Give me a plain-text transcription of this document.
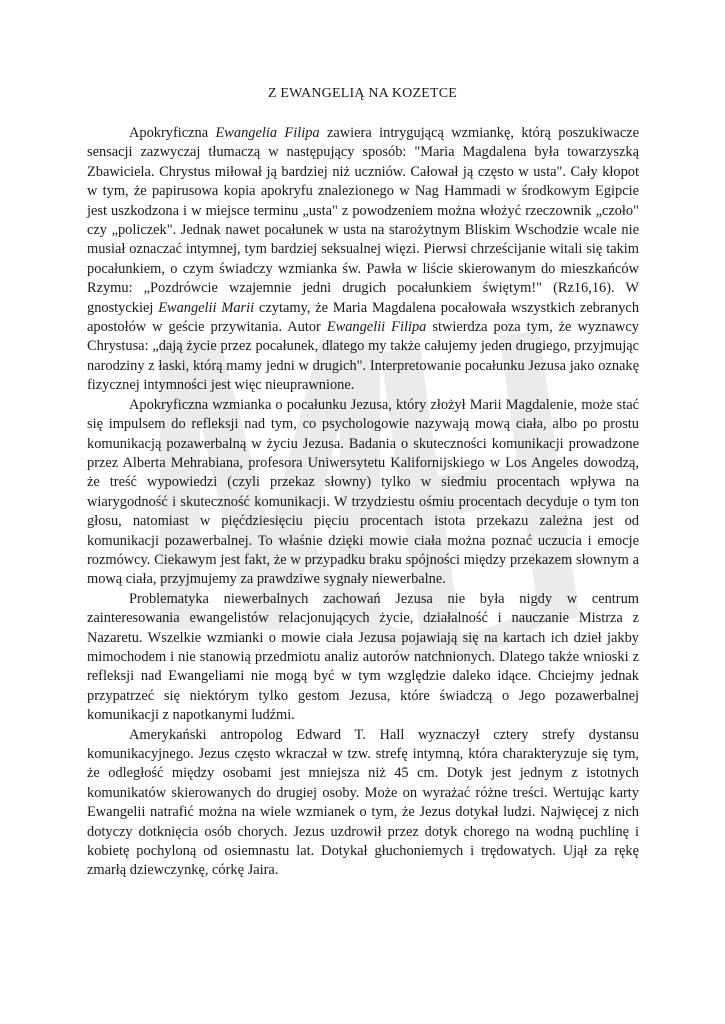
Z EWANGELIĄ NA KOZETCE

Apokryficzna Ewangelia Filipa zawiera intrygującą wzmiankę, którą poszukiwacze sensacji zazwyczaj tłumaczą w następujący sposób: "Maria Magdalena była towarzyszką Zbawiciela. Chrystus miłował ją bardziej niż uczniów. Całował ją często w usta". Cały kłopot w tym, że papirusowa kopia apokryfu znalezionego w Nag Hammadi w środkowym Egipcie jest uszkodzona i w miejsce terminu „usta" z powodzeniem można włożyć rzeczownik „czoło" czy „policzek". Jednak nawet pocałunek w usta na starożytnym Bliskim Wschodzie wcale nie musiał oznaczać intymnej, tym bardziej seksualnej więzi. Pierwsi chrześcijanie witali się takim pocałunkiem, o czym świadczy wzmianka św. Pawła w liście skierowanym do mieszkańców Rzymu: „Pozdrówcie wzajemnie jedni drugich pocałunkiem świętym!" (Rz16,16). W gnostyckiej Ewangelii Marii czytamy, że Maria Magdalena pocałowała wszystkich zebranych apostołów w geście przywitania. Autor Ewangelii Filipa stwierdza poza tym, że wyznawcy Chrystusa: „dają życie przez pocałunek, dlatego my także całujemy jeden drugiego, przyjmując narodziny z łaski, którą mamy jedni w drugich". Interpretowanie pocałunku Jezusa jako oznakę fizycznej intymności jest więc nieuprawnione.

Apokryficzna wzmianka o pocałunku Jezusa, który złożył Marii Magdalenie, może stać się impulsem do refleksji nad tym, co psychologowie nazywają mową ciała, albo po prostu komunikacją pozawerbalną w życiu Jezusa. Badania o skuteczności komunikacji prowadzone przez Alberta Mehrabiana, profesora Uniwersytetu Kalifornijskiego w Los Angeles dowodzą, że treść wypowiedzi (czyli przekaz słowny) tylko w siedmiu procentach wpływa na wiarygodność i skuteczność komunikacji. W trzydziestu ośmiu procentach decyduje o tym ton głosu, natomiast w pięćdziesięciu pięciu procentach istota przekazu zależna jest od komunikacji pozawerbalnej. To właśnie dzięki mowie ciała można poznać uczucia i emocje rozmówcy. Ciekawym jest fakt, że w przypadku braku spójności między przekazem słownym a mową ciała, przyjmujemy za prawdziwe sygnały niewerbalne.

Problematyka niewerbalnych zachowań Jezusa nie była nigdy w centrum zainteresowania ewangelistów relacjonujących życie, działalność i nauczanie Mistrza z Nazaretu. Wszelkie wzmianki o mowie ciała Jezusa pojawiają się na kartach ich dzieł jakby mimochodem i nie stanowią przedmiotu analiz autorów natchnionych. Dlatego także wnioski z refleksji nad Ewangeliami nie mogą być w tym względzie daleko idące. Chciejmy jednak przypatrzeć się niektórym tylko gestom Jezusa, które świadczą o Jego pozawerbalnej komunikacji z napotkanymi ludźmi.

Amerykański antropolog Edward T. Hall wyznaczył cztery strefy dystansu komunikacyjnego. Jezus często wkraczał w tzw. strefę intymną, która charakteryzuje się tym, że odległość między osobami jest mniejsza niż 45 cm. Dotyk jest jednym z istotnych komunikatów skierowanych do drugiej osoby. Może on wyrażać różne treści. Wertując karty Ewangelii natrafić można na wiele wzmianek o tym, że Jezus dotykał ludzi. Najwięcej z nich dotyczy dotknięcia osób chorych. Jezus uzdrowił przez dotyk chorego na wodną puchlinę i kobietę pochyloną od osiemnastu lat. Dotykał głuchoniemych i trędowatych. Ujął za rękę zmarłą dziewczynkę, córkę Jaira.
